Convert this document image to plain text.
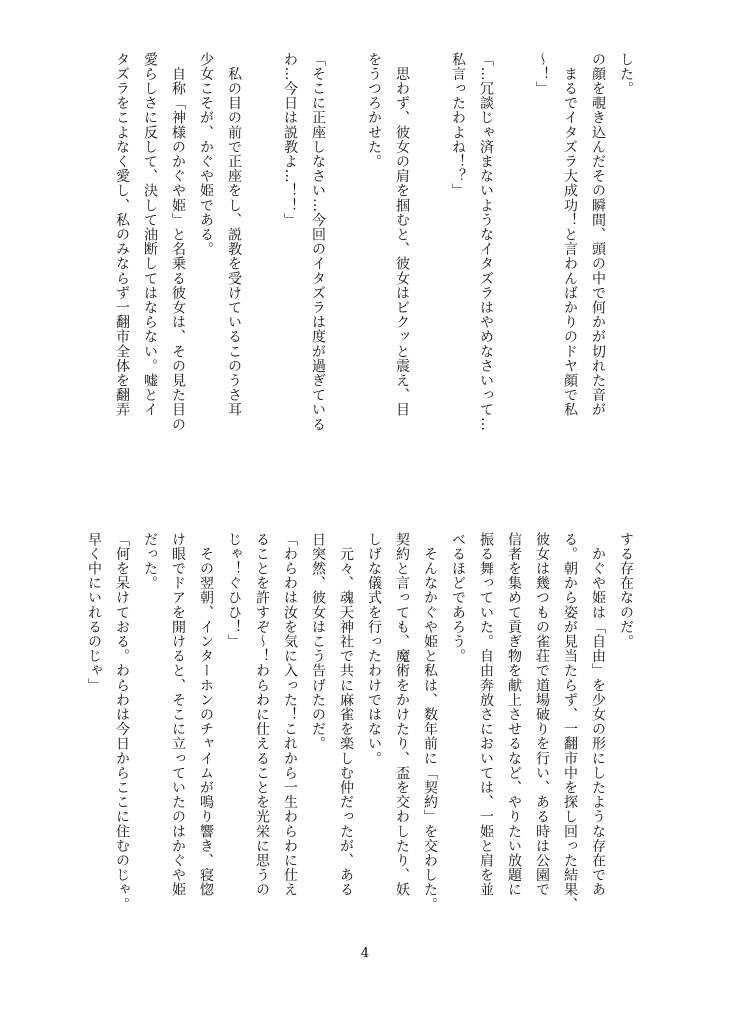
した。
の顔を覗き込んだその瞬間、頭の中で何かが切れた音が
　まるでイタズラ大成功！と言わんばかりのドヤ顔で私
〜！」
「…冗談じゃ済まないようなイタズラはやめなさいって…
私言ったわよね！？」
　思わず、彼女の肩を掴むと、彼女はビクッと震え、目
をうつろかせた。
「そこに正座しなさい…今回のイタズラは度が過ぎている
わ…今日は説教よ…！！」
　私の目の前で正座をし、説教を受けているこのうさ耳
少女こそが、かぐや姫である。
　自称「神様のかぐや姫」と名乗る彼女は、その見た目の
愛らしさに反して、決して油断してはならない。嘘とイ
タズラをこよなく愛し、私のみならず一翻市全体を翻弄
する存在なのだ。
　かぐや姫は「自由」を少女の形にしたような存在であ
る。朝から姿が見当たらず、一翻市中を探し回った結果、
彼女は幾つもの雀荘で道場破りを行い、ある時は公園で
信者を集めて貢ぎ物を献上させるなど、やりたい放題に
振る舞っていた。自由奔放さにおいては、一姫と肩を並
べるほどであろう。
　そんなかぐや姫と私は、数年前に「契約」を交わした。
契約と言っても、魔術をかけたり、盃を交わしたり、妖
しげな儀式を行ったわけではない。
　元々、魂天神社で共に麻雀を楽しむ仲だったが、ある
日突然、彼女はこう告げたのだ。
「わらわは汝を気に入った！これから一生わらわに仕え
ることを許すぞ〜！わらわに仕えることを光栄に思うの
じゃ！ぐひひ！」
　その翌朝、インターホンのチャイムが鳴り響き、寝惚
け眼でドアを開けると、そこに立っていたのはかぐや姫
だった。
「何を呆けておる。わらわは今日からここに住むのじゃ。
早く中にいれるのじゃ」
4
